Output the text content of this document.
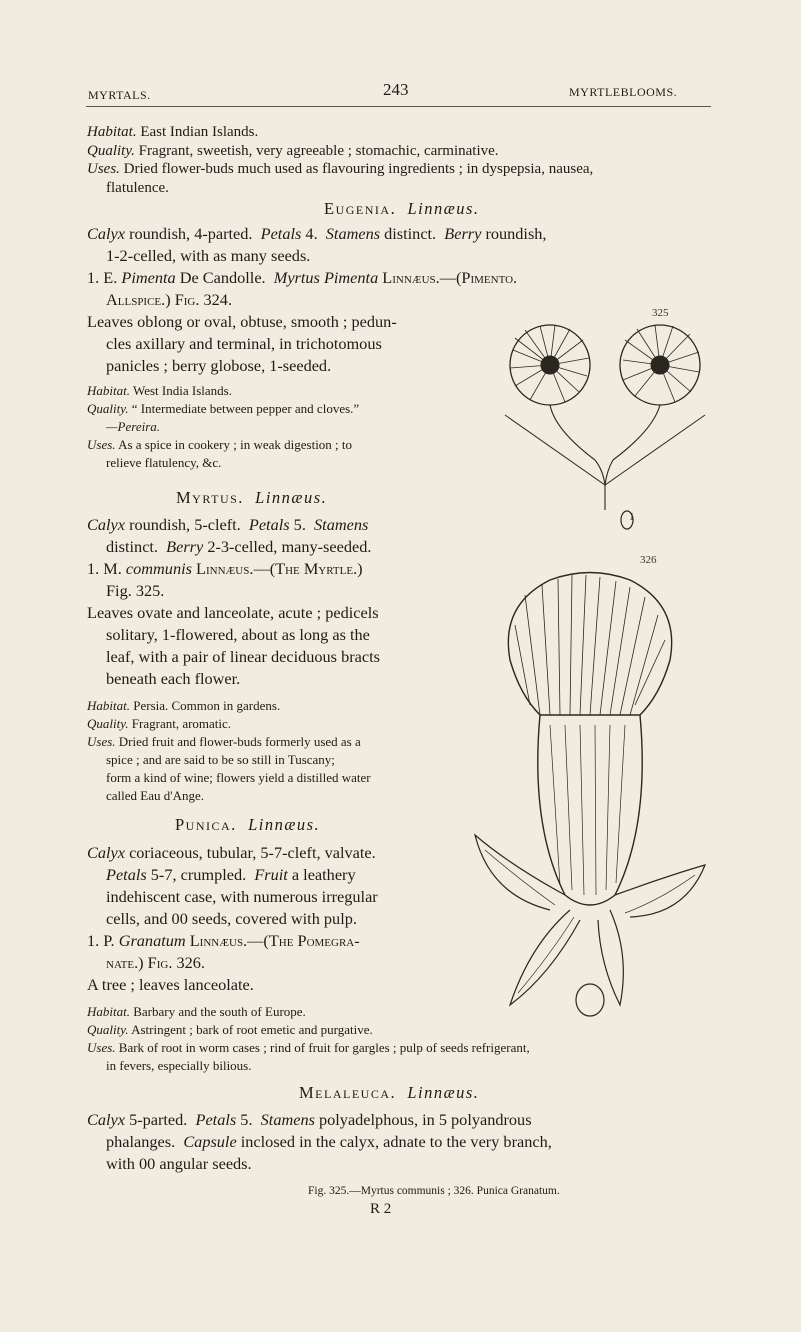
MYRTALS.	243	MYRTLEBLOOMS.

Habitat. East Indian Islands.

Quality. Fragrant, sweetish, very agreeable ; stomachic, carminative.

Uses. Dried flower-buds much used as flavouring ingredients ; in dyspepsia, nausea,

flatulence.

Eugenia. Linnæus.

Calyx roundish, 4-parted. Petals 4. Stamens distinct. Berry roundish,

1-2-celled, with as many seeds.

1. E. Pimenta De Candolle. Myrtus Pimenta Linnæus.—(Pimento.

Allspice.) Fig. 324.

Leaves oblong or oval, obtuse, smooth ; pedun-

cles axillary and terminal, in trichotomous

panicles ; berry globose, 1-seeded.

Habitat. West India Islands.

Quality. “ Intermediate between pepper and cloves.”

—Pereira.

Uses. As a spice in cookery ; in weak digestion ; to

relieve flatulency, &c.

Myrtus. Linnæus.

Calyx roundish, 5-cleft. Petals 5. Stamens

distinct. Berry 2-3-celled, many-seeded.

1. M. communis Linnæus.—(The Myrtle.)

Fig. 325.

Leaves ovate and lanceolate, acute ; pedicels

solitary, 1-flowered, about as long as the

leaf, with a pair of linear deciduous bracts

beneath each flower.

Habitat. Persia. Common in gardens.

Quality. Fragrant, aromatic.

Uses. Dried fruit and flower-buds formerly used as a

spice ; and are said to be so still in Tuscany;

form a kind of wine; flowers yield a distilled water

called Eau d'Ange.

Punica. Linnæus.

Calyx coriaceous, tubular, 5-7-cleft, valvate.

Petals 5-7, crumpled. Fruit a leathery

indehiscent case, with numerous irregular

cells, and 00 seeds, covered with pulp.

1. P. Granatum Linnæus.—(The Pomegra-

nate.) Fig. 326.

A tree ; leaves lanceolate.

Habitat. Barbary and the south of Europe.

Quality. Astringent ; bark of root emetic and purgative.

Uses. Bark of root in worm cases ; rind of fruit for gargles ; pulp of seeds refrigerant,

in fevers, especially bilious.

Melaleuca. Linnæus.

Calyx 5-parted. Petals 5. Stamens polyadelphous, in 5 polyandrous

phalanges. Capsule inclosed in the calyx, adnate to the very branch,

with 00 angular seeds.

Fig. 325.—Myrtus communis ; 326. Punica Granatum.

R 2

325

1

326
